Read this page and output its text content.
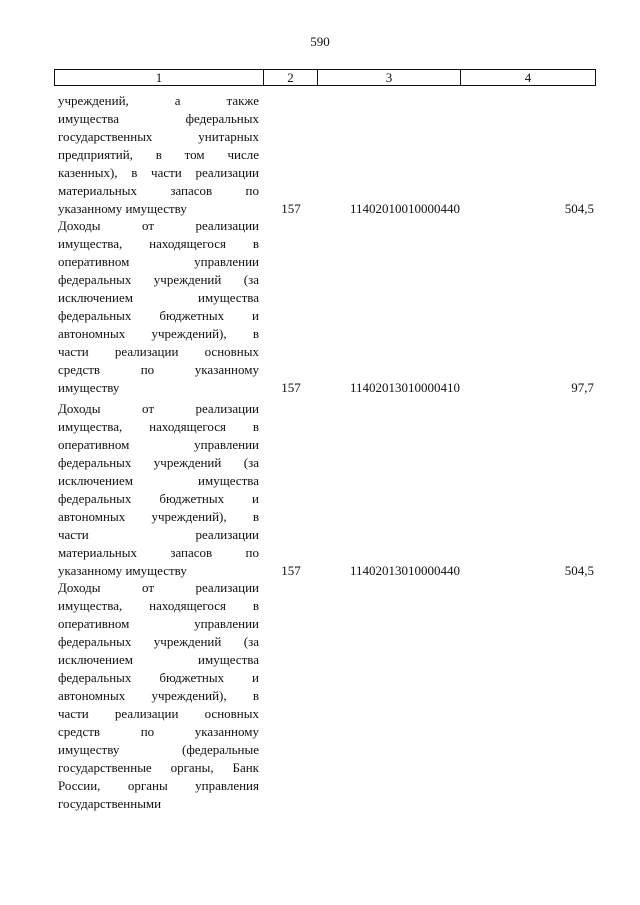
590
1	2	3	4
учреждений, а также
имущества федеральных
государственных унитарных
предприятий, в том числе
казенных), в части реализации
материальных запасов по
указанному имуществу	157	11402010010000440	504,5
Доходы от реализации
имущества, находящегося в
оперативном управлении
федеральных учреждений (за
исключением имущества
федеральных бюджетных и
автономных учреждений), в
части реализации основных
средств по указанному
имуществу	157	11402013010000410	97,7
Доходы от реализации
имущества, находящегося в
оперативном управлении
федеральных учреждений (за
исключением имущества
федеральных бюджетных и
автономных учреждений), в
части реализации
материальных запасов по
указанному имуществу	157	11402013010000440	504,5
Доходы от реализации
имущества, находящегося в
оперативном управлении
федеральных учреждений (за
исключением имущества
федеральных бюджетных и
автономных учреждений), в
части реализации основных
средств по указанному
имуществу (федеральные
государственные органы, Банк
России, органы управления
государственными
